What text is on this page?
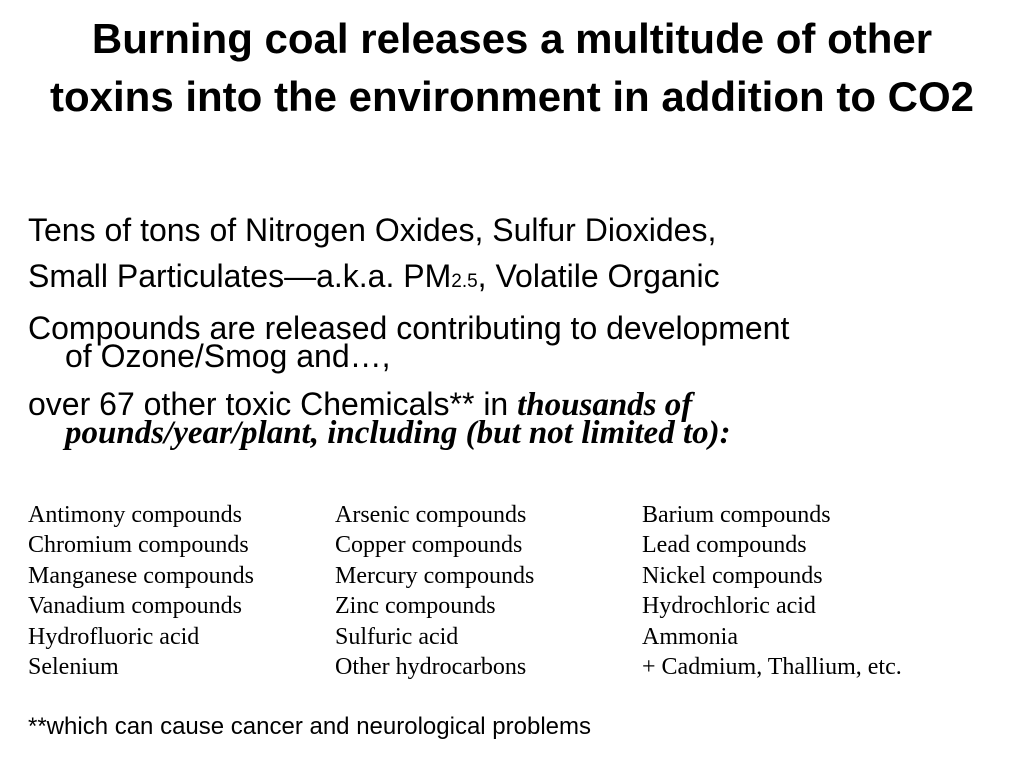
Burning coal releases a multitude of other toxins into the environment in addition to CO2
Tens of tons of Nitrogen Oxides, Sulfur Dioxides,
Small Particulates—a.k.a. PM2.5, Volatile Organic
Compounds are released contributing to development
of Ozone/Smog and…,
over 67 other toxic Chemicals** in thousands of
pounds/year/plant, including (but not limited to):
Antimony compounds	Arsenic compounds	Barium compounds
Chromium compounds	Copper compounds	Lead compounds
Manganese compounds	Mercury compounds	Nickel compounds
Vanadium compounds	Zinc compounds	Hydrochloric acid
Hydrofluoric acid	Sulfuric acid	Ammonia
Selenium	Other hydrocarbons	+ Cadmium, Thallium, etc.
**which can cause cancer and neurological problems
